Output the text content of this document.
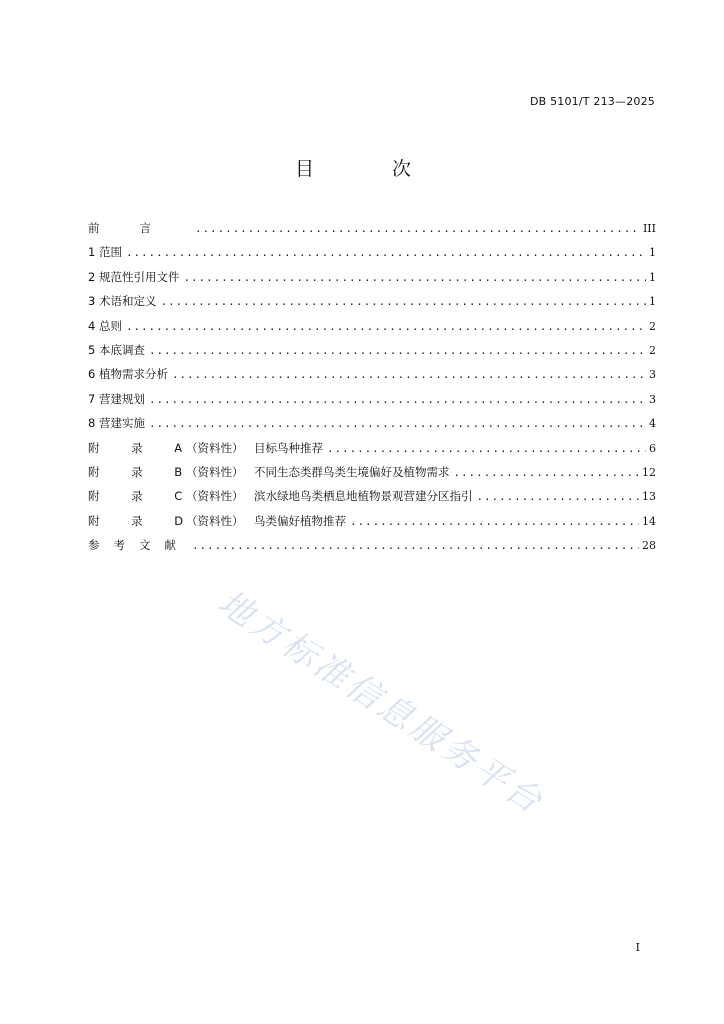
DB 5101/T 213—2025
目 次
前言 .....	III
1 范围 .....	1
2 规范性引用文件 .....	1
3 术语和定义 .....	1
4 总则 .....	2
5 本底调查 .....	2
6 植物需求分析 .....	3
7 营建规划 .....	3
8 营建实施 .....	4
附 录 A（资料性） 目标鸟种推荐 .....	6
附 录 B（资料性） 不同生态类群鸟类生境偏好及植物需求 .....	12
附 录 C（资料性） 滨水绿地鸟类栖息地植物景观营建分区指引 .....	13
附 录 D（资料性） 鸟类偏好植物推荐 .....	14
参考文献 .....	28
地方标准信息服务平台
I
